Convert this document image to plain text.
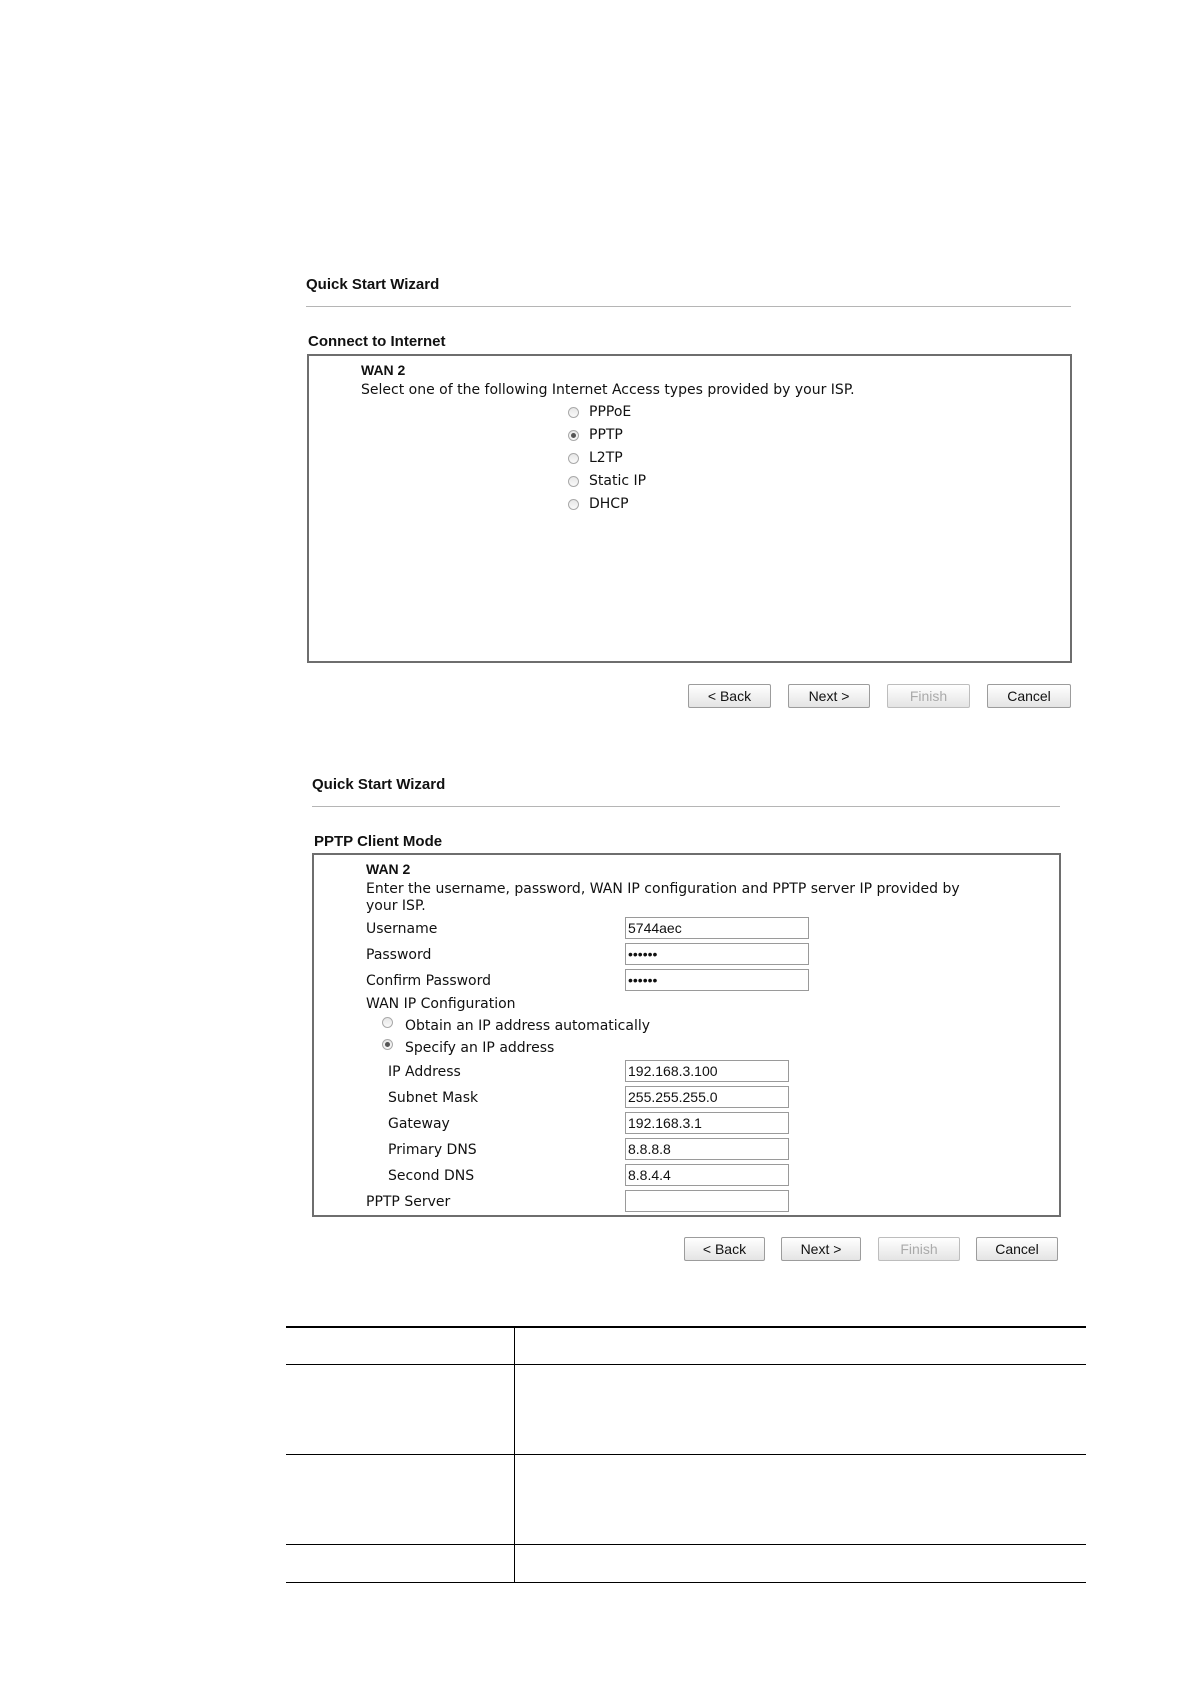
Quick Start Wizard
Connect to Internet
WAN 2
Select one of the following Internet Access types provided by your ISP.
PPPoE
PPTP
L2TP
Static IP
DHCP
< Back	Next >	Finish	Cancel
Quick Start Wizard
PPTP Client Mode
WAN 2
Enter the username, password, WAN IP configuration and PPTP server IP provided by
your ISP.
Username	5744aec
Password	••••••
Confirm Password	••••••
WAN IP Configuration
Obtain an IP address automatically
Specify an IP address
IP Address	192.168.3.100
Subnet Mask	255.255.255.0
Gateway	192.168.3.1
Primary DNS	8.8.8.8
Second DNS	8.8.4.4
PPTP Server
< Back	Next >	Finish	Cancel
